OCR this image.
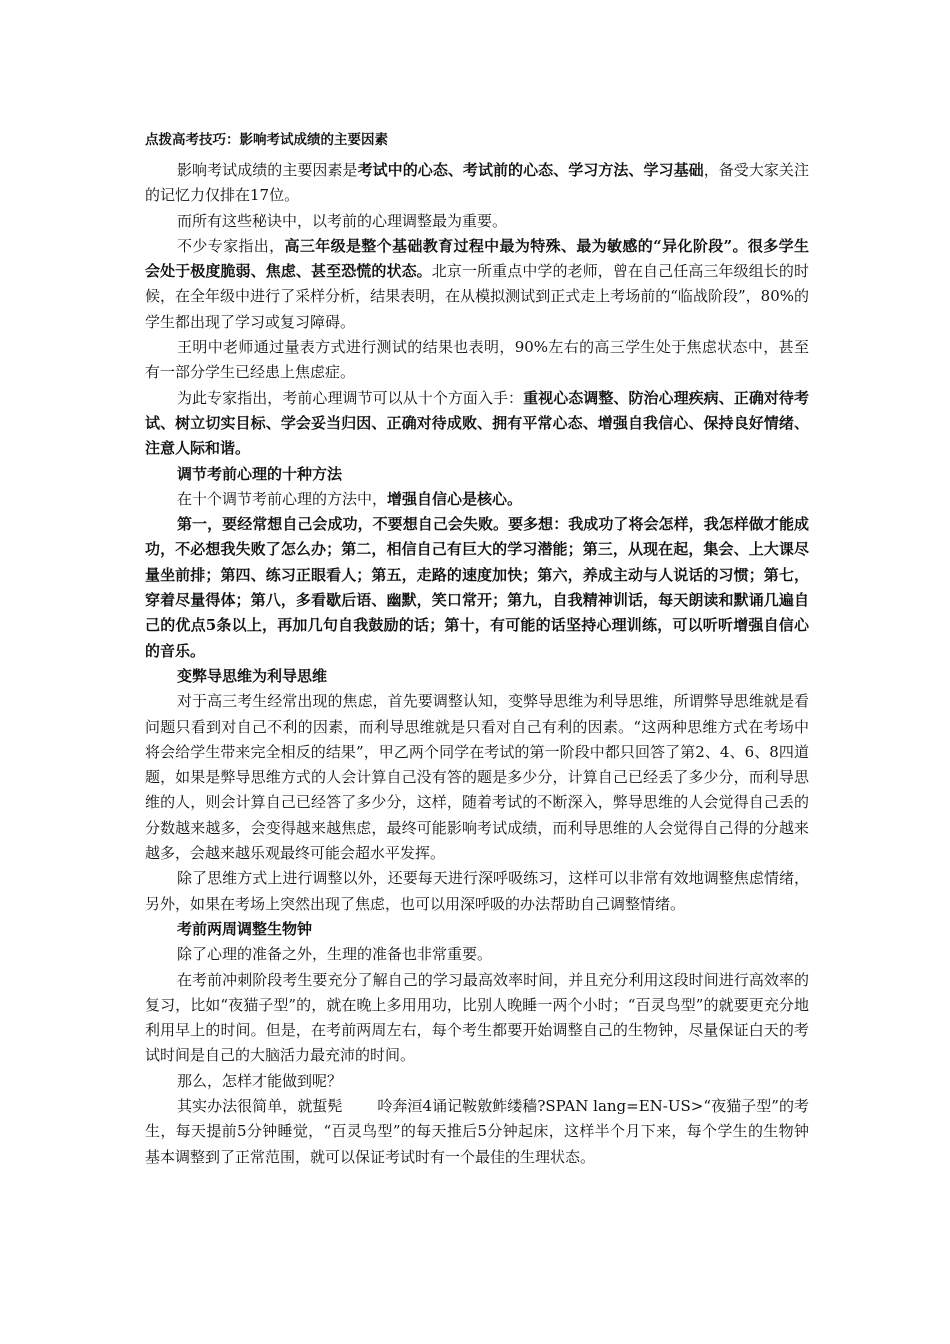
点拨高考技巧：影响考试成绩的主要因素

影响考试成绩的主要因素是考试中的心态、考试前的心态、学习方法、学习基础，备受大家关注的记忆力仅排在17位。

而所有这些秘诀中，以考前的心理调整最为重要。

不少专家指出，高三年级是整个基础教育过程中最为特殊、最为敏感的“异化阶段”。很多学生会处于极度脆弱、焦虑、甚至恐慌的状态。北京一所重点中学的老师，曾在自己任高三年级组长的时候，在全年级中进行了采样分析，结果表明，在从模拟测试到正式走上考场前的“临战阶段”，80%的学生都出现了学习或复习障碍。

王明中老师通过量表方式进行测试的结果也表明，90%左右的高三学生处于焦虑状态中，甚至有一部分学生已经患上焦虑症。

为此专家指出，考前心理调节可以从十个方面入手：重视心态调整、防治心理疾病、正确对待考试、树立切实目标、学会妥当归因、正确对待成败、拥有平常心态、增强自我信心、保持良好情绪、注意人际和谐。

调节考前心理的十种方法

在十个调节考前心理的方法中，增强自信心是核心。

第一，要经常想自己会成功，不要想自己会失败。要多想：我成功了将会怎样，我怎样做才能成功，不必想我失败了怎么办；第二，相信自己有巨大的学习潜能；第三，从现在起，集会、上大课尽量坐前排；第四、练习正眼看人；第五，走路的速度加快；第六，养成主动与人说话的习惯；第七，穿着尽量得体；第八，多看歇后语、幽默，笑口常开；第九，自我精神训话，每天朗读和默诵几遍自己的优点5条以上，再加几句自我鼓励的话；第十，有可能的话坚持心理训练，可以听听增强自信心的音乐。

变弊导思维为利导思维

对于高三考生经常出现的焦虑，首先要调整认知，变弊导思维为利导思维，所谓弊导思维就是看问题只看到对自己不利的因素，而利导思维就是只看对自己有利的因素。“这两种思维方式在考场中将会给学生带来完全相反的结果”，甲乙两个同学在考试的第一阶段中都只回答了第2、4、6、8四道题，如果是弊导思维方式的人会计算自己没有答的题是多少分，计算自己已经丢了多少分，而利导思维的人，则会计算自己已经答了多少分，这样，随着考试的不断深入，弊导思维的人会觉得自己丢的分数越来越多，会变得越来越焦虑，最终可能影响考试成绩，而利导思维的人会觉得自己得的分越来越多，会越来越乐观最终可能会超水平发挥。

除了思维方式上进行调整以外，还要每天进行深呼吸练习，这样可以非常有效地调整焦虑情绪，另外，如果在考场上突然出现了焦虑，也可以用深呼吸的办法帮助自己调整情绪。

考前两周调整生物钟

除了心理的准备之外，生理的准备也非常重要。

在考前冲刺阶段考生要充分了解自己的学习最高效率时间，并且充分利用这段时间进行高效率的复习，比如“夜猫子型”的，就在晚上多用用功，比别人晚睡一两个小时；“百灵鸟型”的就要更充分地利用早上的时间。但是，在考前两周左右，每个考生都要开始调整自己的生物钟，尽量保证白天的考试时间是自己的大脑活力最充沛的时间。

那么，怎样才能做到呢？

其实办法很简单，就蜇髡　　 呤奔洹4诵记鞍敫鲊缕穑?SPAN lang=EN-US>“夜猫子型”的考生，每天提前5分钟睡觉，“百灵鸟型”的每天推后5分钟起床，这样半个月下来，每个学生的生物钟基本调整到了正常范围，就可以保证考试时有一个最佳的生理状态。
